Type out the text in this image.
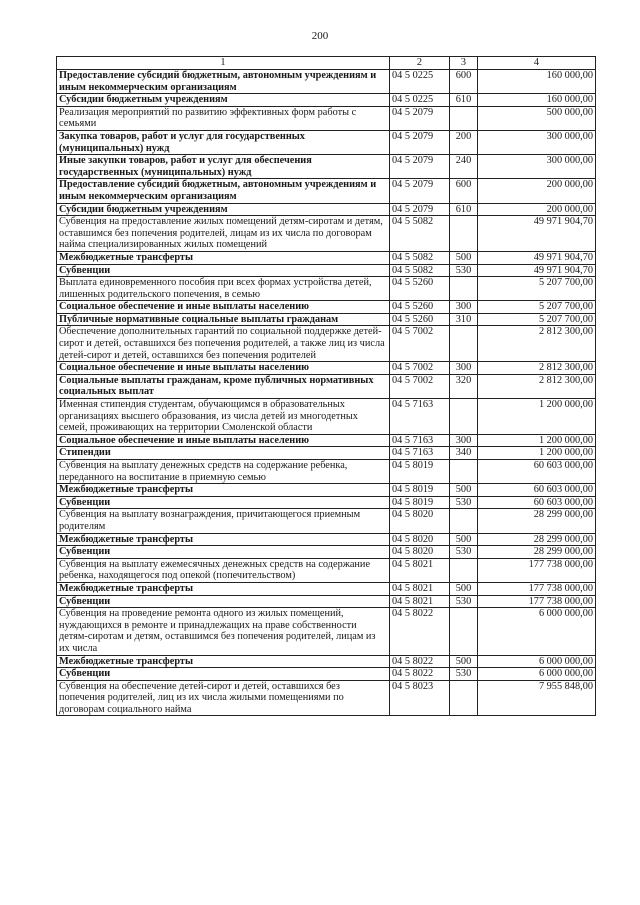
200
1	2	3	4
Предоставление субсидий бюджетным, автономным учреждениям и иным некоммерческим организациям	04 5 0225	600	160 000,00
Субсидии бюджетным учреждениям	04 5 0225	610	160 000,00
Реализация мероприятий по развитию эффективных форм работы с семьями	04 5 2079		500 000,00
Закупка товаров, работ и услуг для государственных (муниципальных) нужд	04 5 2079	200	300 000,00
Иные закупки товаров, работ и услуг для обеспечения государственных (муниципальных) нужд	04 5 2079	240	300 000,00
Предоставление субсидий бюджетным, автономным учреждениям и иным некоммерческим организациям	04 5 2079	600	200 000,00
Субсидии бюджетным учреждениям	04 5 2079	610	200 000,00
Субвенция на предоставление жилых помещений детям-сиротам и детям, оставшимся без попечения родителей, лицам из их числа по договорам найма специализированных жилых помещений	04 5 5082		49 971 904,70
Межбюджетные трансферты	04 5 5082	500	49 971 904,70
Субвенции	04 5 5082	530	49 971 904,70
Выплата единовременного пособия при всех формах устройства детей, лишенных родительского попечения, в семью	04 5 5260		5 207 700,00
Социальное обеспечение и иные выплаты населению	04 5 5260	300	5 207 700,00
Публичные нормативные социальные выплаты гражданам	04 5 5260	310	5 207 700,00
Обеспечение дополнительных гарантий по социальной поддержке детей-сирот и детей, оставшихся без попечения родителей, а также лиц из числа детей-сирот и детей, оставшихся без попечения родителей	04 5 7002		2 812 300,00
Социальное обеспечение и иные выплаты населению	04 5 7002	300	2 812 300,00
Социальные выплаты гражданам, кроме публичных нормативных социальных выплат	04 5 7002	320	2 812 300,00
Именная стипендия студентам, обучающимся в образовательных организациях высшего образования, из числа детей из многодетных семей, проживающих на территории Смоленской области	04 5 7163		1 200 000,00
Социальное обеспечение и иные выплаты населению	04 5 7163	300	1 200 000,00
Стипендии	04 5 7163	340	1 200 000,00
Субвенция на выплату денежных средств на содержание ребенка, переданного на воспитание в приемную семью	04 5 8019		60 603 000,00
Межбюджетные трансферты	04 5 8019	500	60 603 000,00
Субвенции	04 5 8019	530	60 603 000,00
Субвенция на выплату вознаграждения, причитающегося приемным родителям	04 5 8020		28 299 000,00
Межбюджетные трансферты	04 5 8020	500	28 299 000,00
Субвенции	04 5 8020	530	28 299 000,00
Субвенция на выплату ежемесячных денежных средств на содержание ребенка, находящегося под опекой (попечительством)	04 5 8021		177 738 000,00
Межбюджетные трансферты	04 5 8021	500	177 738 000,00
Субвенции	04 5 8021	530	177 738 000,00
Субвенция на проведение ремонта одного из жилых помещений, нуждающихся в ремонте и принадлежащих на праве собственности детям-сиротам и детям, оставшимся без попечения родителей, лицам из их числа	04 5 8022		6 000 000,00
Межбюджетные трансферты	04 5 8022	500	6 000 000,00
Субвенции	04 5 8022	530	6 000 000,00
Субвенция на обеспечение детей-сирот и детей, оставшихся без попечения родителей, лиц из их числа жилыми помещениями по договорам социального найма	04 5 8023		7 955 848,00
